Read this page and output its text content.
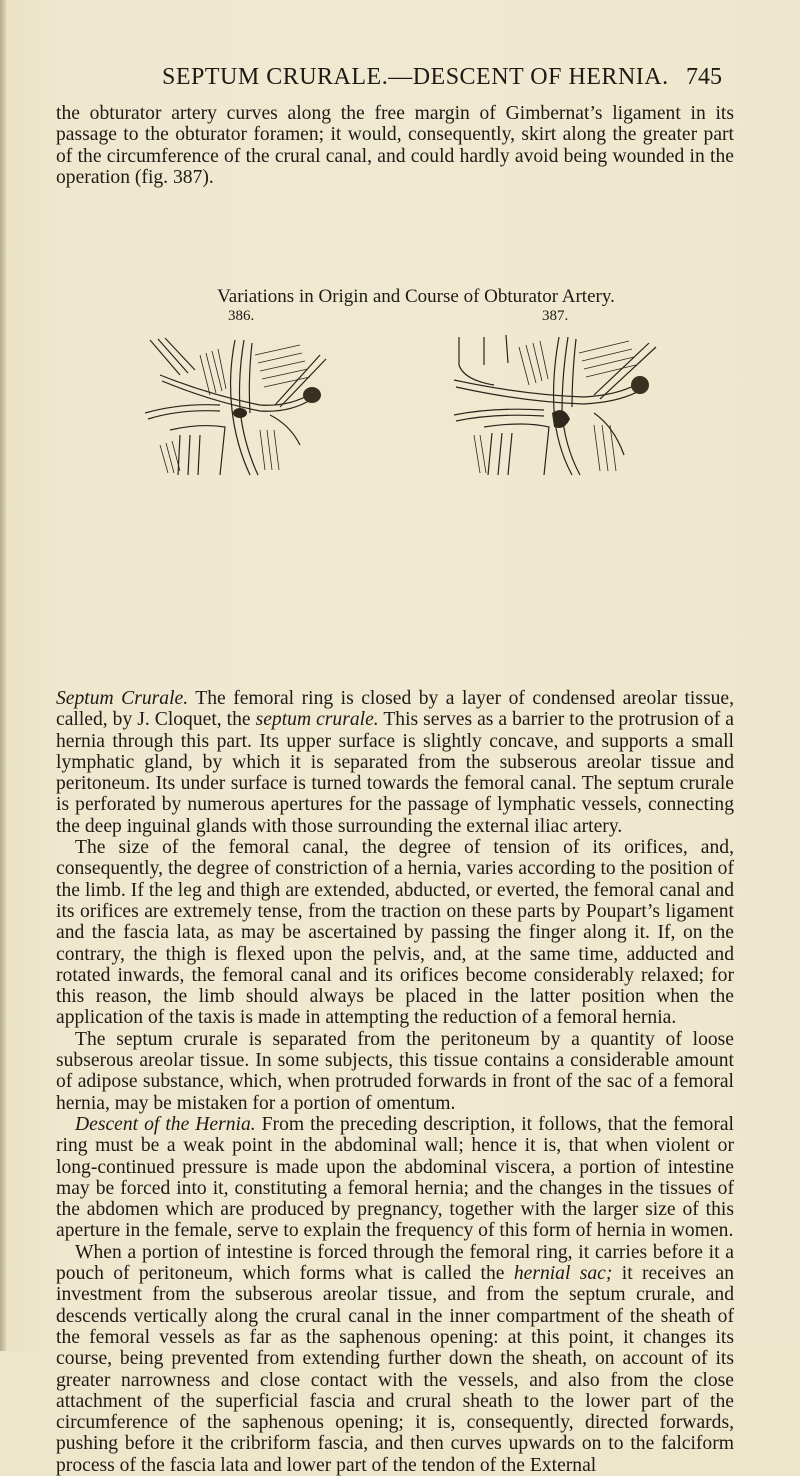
SEPTUM CRURALE.—DESCENT OF HERNIA. 745

the obturator artery curves along the free margin of Gimbernat’s ligament in its passage to the obturator foramen; it would, consequently, skirt along the greater part of the circumference of the crural canal, and could hardly avoid being wounded in the operation (fig. 387).

Variations in Origin and Course of Obturator Artery.
386.	387.

Septum Crurale. The femoral ring is closed by a layer of condensed areolar tissue, called, by J. Cloquet, the septum crurale. This serves as a barrier to the protrusion of a hernia through this part. Its upper surface is slightly concave, and supports a small lymphatic gland, by which it is separated from the subserous areolar tissue and peritoneum. Its under surface is turned towards the femoral canal. The septum crurale is perforated by numerous apertures for the passage of lymphatic vessels, connecting the deep inguinal glands with those surrounding the external iliac artery.

The size of the femoral canal, the degree of tension of its orifices, and, consequently, the degree of constriction of a hernia, varies according to the position of the limb. If the leg and thigh are extended, abducted, or everted, the femoral canal and its orifices are extremely tense, from the traction on these parts by Poupart’s ligament and the fascia lata, as may be ascertained by passing the finger along it. If, on the contrary, the thigh is flexed upon the pelvis, and, at the same time, adducted and rotated inwards, the femoral canal and its orifices become considerably relaxed; for this reason, the limb should always be placed in the latter position when the application of the taxis is made in attempting the reduction of a femoral hernia.

The septum crurale is separated from the peritoneum by a quantity of loose subserous areolar tissue. In some subjects, this tissue contains a considerable amount of adipose substance, which, when protruded forwards in front of the sac of a femoral hernia, may be mistaken for a portion of omentum.

Descent of the Hernia. From the preceding description, it follows, that the femoral ring must be a weak point in the abdominal wall; hence it is, that when violent or long-continued pressure is made upon the abdominal viscera, a portion of intestine may be forced into it, constituting a femoral hernia; and the changes in the tissues of the abdomen which are produced by pregnancy, together with the larger size of this aperture in the female, serve to explain the frequency of this form of hernia in women.

When a portion of intestine is forced through the femoral ring, it carries before it a pouch of peritoneum, which forms what is called the hernial sac; it receives an investment from the subserous areolar tissue, and from the septum crurale, and descends vertically along the crural canal in the inner compartment of the sheath of the femoral vessels as far as the saphenous opening: at this point, it changes its course, being prevented from extending further down the sheath, on account of its greater narrowness and close contact with the vessels, and also from the close attachment of the superficial fascia and crural sheath to the lower part of the circumference of the saphenous opening; it is, consequently, directed forwards, pushing before it the cribriform fascia, and then curves upwards on to the falciform process of the fascia lata and lower part of the tendon of the External
